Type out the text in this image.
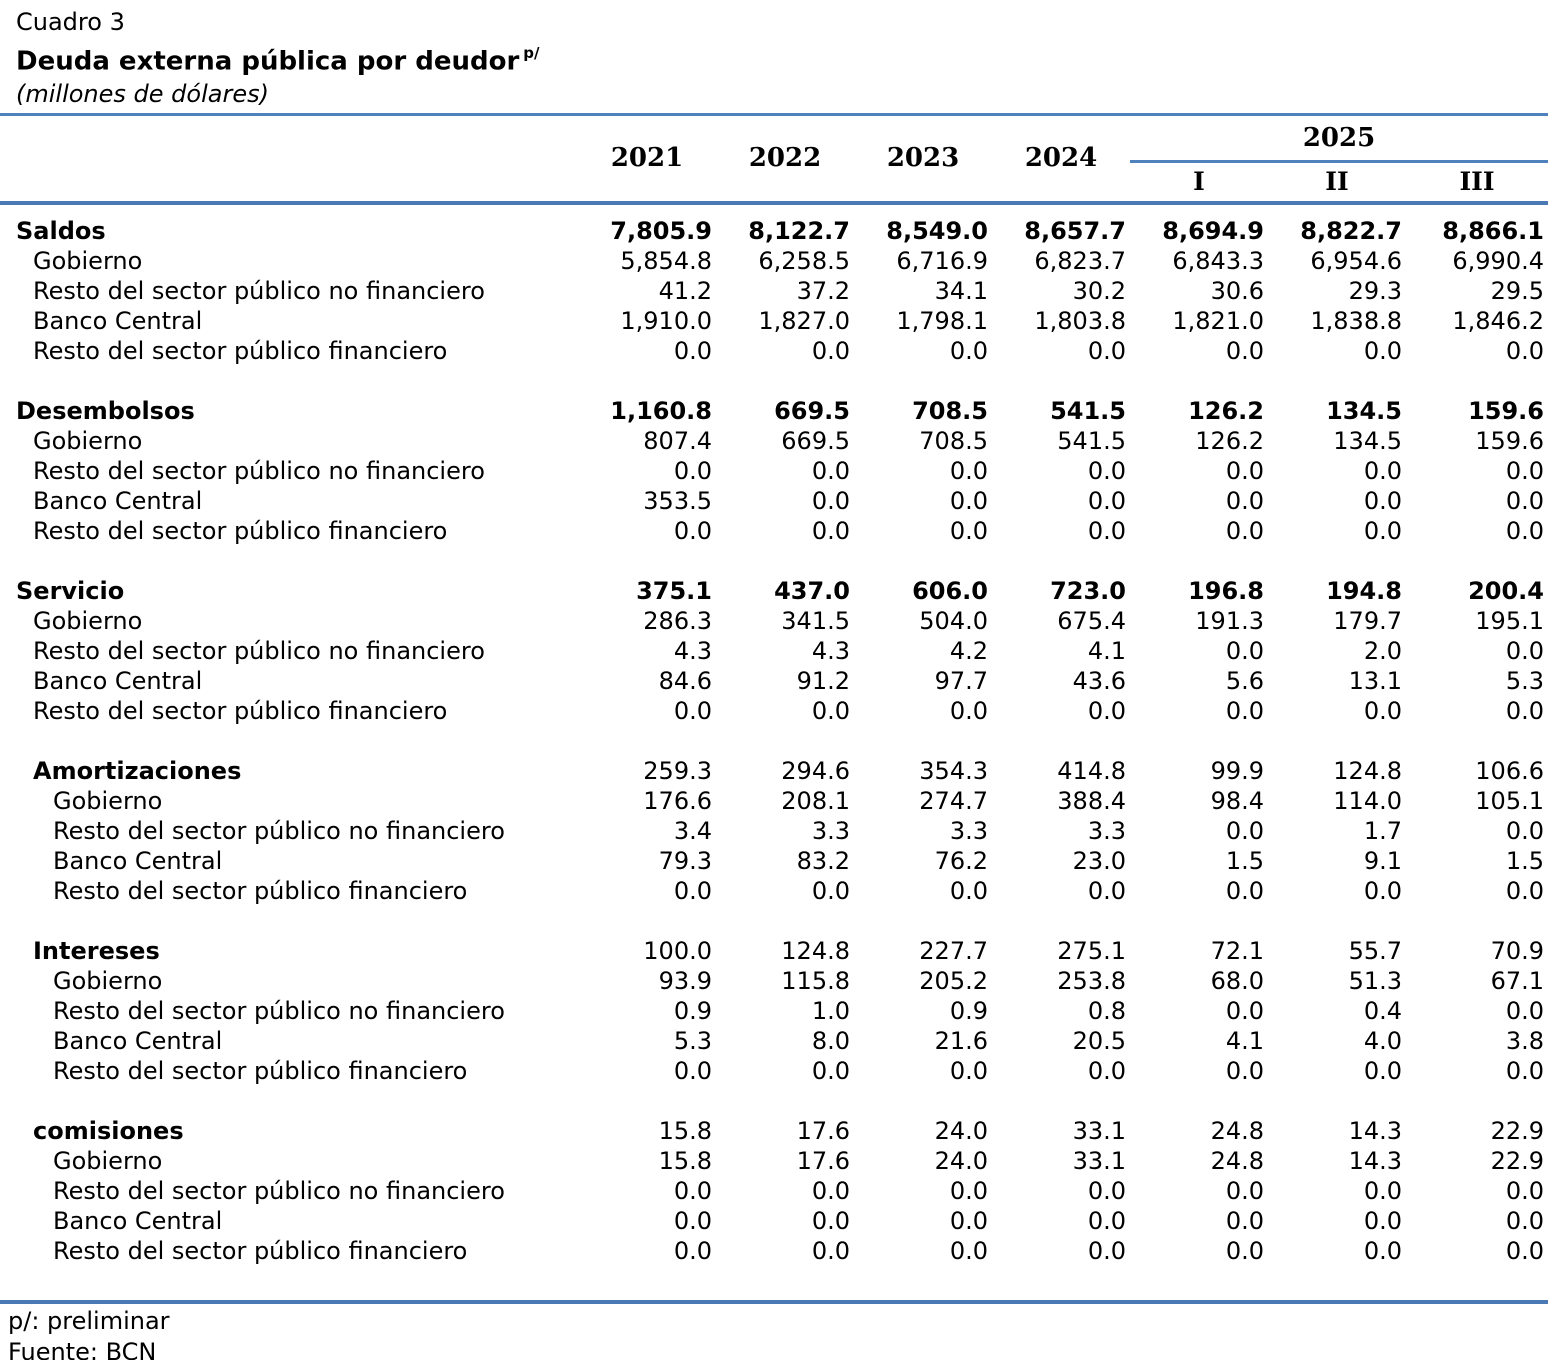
Cuadro 3
Deuda externa pública por deudor $^{p/}$
(millones de dólares)
	2021	2022	2023	2024	2025		
					I	II	III

Saldos	7,805.9	8,122.7	8,549.0	8,657.7	8,694.9	8,822.7	8,866.1
Gobierno	5,854.8	6,258.5	6,716.9	6,823.7	6,843.3	6,954.6	6,990.4
Resto del sector público no financiero	41.2	37.2	34.1	30.2	30.6	29.3	29.5
Banco Central	1,910.0	1,827.0	1,798.1	1,803.8	1,821.0	1,838.8	1,846.2
Resto del sector público financiero	0.0	0.0	0.0	0.0	0.0	0.0	0.0

Desembolsos	1,160.8	669.5	708.5	541.5	126.2	134.5	159.6
Gobierno	807.4	669.5	708.5	541.5	126.2	134.5	159.6
Resto del sector público no financiero	0.0	0.0	0.0	0.0	0.0	0.0	0.0
Banco Central	353.5	0.0	0.0	0.0	0.0	0.0	0.0
Resto del sector público financiero	0.0	0.0	0.0	0.0	0.0	0.0	0.0

Servicio	375.1	437.0	606.0	723.0	196.8	194.8	200.4
Gobierno	286.3	341.5	504.0	675.4	191.3	179.7	195.1
Resto del sector público no financiero	4.3	4.3	4.2	4.1	0.0	2.0	0.0
Banco Central	84.6	91.2	97.7	43.6	5.6	13.1	5.3
Resto del sector público financiero	0.0	0.0	0.0	0.0	0.0	0.0	0.0

Amortizaciones	259.3	294.6	354.3	414.8	99.9	124.8	106.6
Gobierno	176.6	208.1	274.7	388.4	98.4	114.0	105.1
Resto del sector público no financiero	3.4	3.3	3.3	3.3	0.0	1.7	0.0
Banco Central	79.3	83.2	76.2	23.0	1.5	9.1	1.5
Resto del sector público financiero	0.0	0.0	0.0	0.0	0.0	0.0	0.0

Intereses	100.0	124.8	227.7	275.1	72.1	55.7	70.9
Gobierno	93.9	115.8	205.2	253.8	68.0	51.3	67.1
Resto del sector público no financiero	0.9	1.0	0.9	0.8	0.0	0.4	0.0
Banco Central	5.3	8.0	21.6	20.5	4.1	4.0	3.8
Resto del sector público financiero	0.0	0.0	0.0	0.0	0.0	0.0	0.0

comisiones	15.8	17.6	24.0	33.1	24.8	14.3	22.9
Gobierno	15.8	17.6	24.0	33.1	24.8	14.3	22.9
Resto del sector público no financiero	0.0	0.0	0.0	0.0	0.0	0.0	0.0
Banco Central	0.0	0.0	0.0	0.0	0.0	0.0	0.0
Resto del sector público financiero	0.0	0.0	0.0	0.0	0.0	0.0	0.0
p/: preliminar
Fuente: BCN
